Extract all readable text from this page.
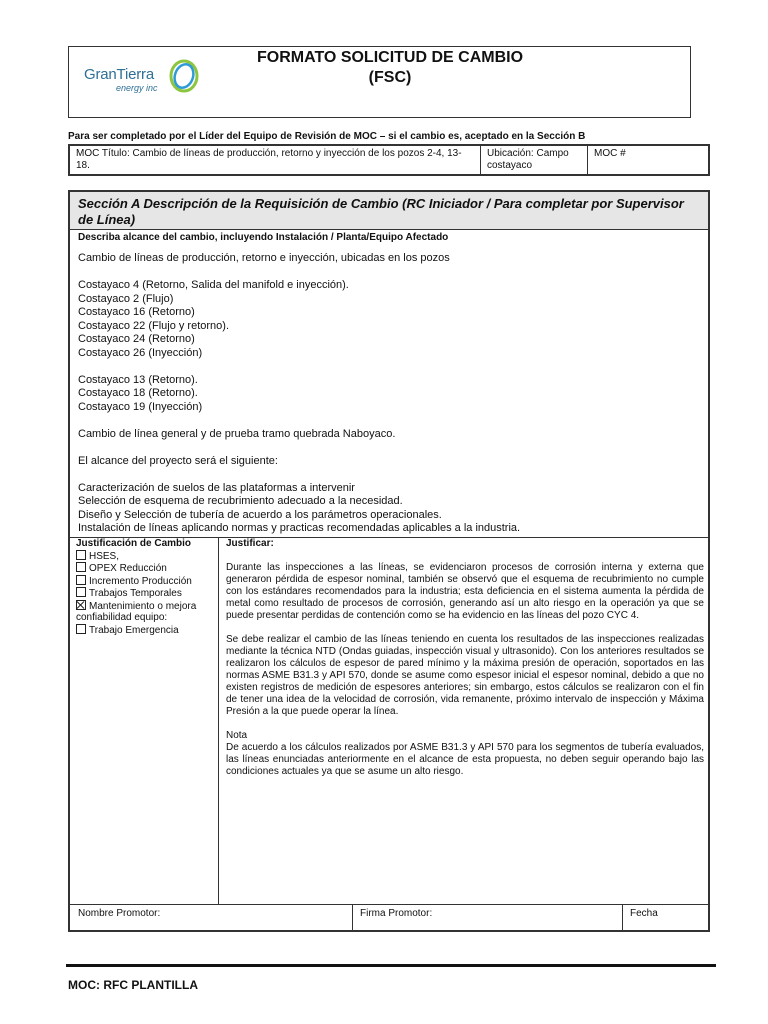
GranTierra
energy inc
FORMATO SOLICITUD DE CAMBIO
(FSC)
Para ser completado por el Líder del Equipo de Revisión de MOC – si el cambio es, aceptado en la Sección B
MOC Título: Cambio de líneas de producción, retorno y inyección de los pozos 2-4, 13-18.
Ubicación: Campo costayaco
MOC #
Sección A Descripción de la Requisición de Cambio (RC Iniciador / Para completar por Supervisor de Línea)
Describa alcance del cambio, incluyendo Instalación / Planta/Equipo Afectado

Cambio de líneas de producción, retorno e inyección, ubicadas en los pozos

Costayaco 4 (Retorno, Salida del manifold e inyección).

Costayaco 2 (Flujo)

Costayaco 16 (Retorno)

Costayaco 22 (Flujo y retorno).

Costayaco 24 (Retorno)

Costayaco 26 (Inyección)

Costayaco 13 (Retorno).

Costayaco 18 (Retorno).

Costayaco 19 (Inyección)

Cambio de línea general y de prueba tramo quebrada Naboyaco.

El alcance del proyecto será el siguiente:

Caracterización de suelos de las plataformas a intervenir

Selección de esquema de recubrimiento adecuado a la necesidad.

Diseño y Selección de tubería de acuerdo a los parámetros operacionales.

Instalación de líneas aplicando normas y practicas recomendadas aplicables a la industria.

Justificación de Cambio
HSES,
OPEX Reducción
Incremento Producción
Trabajos Temporales
Mantenimiento o mejora confiabilidad equipo:
Trabajo Emergencia
Justificar:

Durante las inspecciones a las líneas, se evidenciaron procesos de corrosión interna y externa que generaron pérdida de espesor nominal, también se observó que el esquema de recubrimiento no cumple con los estándares recomendados para la industria; esta deficiencia en el sistema aumenta la pérdida de metal como resultado de procesos de corrosión, generando así un alto riesgo en la operación ya que se puede presentar perdidas de contención como se ha evidencio en las líneas del pozo CYC 4.

Se debe realizar el cambio de las líneas teniendo en cuenta los resultados de las inspecciones realizadas mediante la técnica NTD (Ondas guiadas, inspección visual y ultrasonido). Con los anteriores resultados se realizaron los cálculos de espesor de pared mínimo y la máxima presión de operación, soportados en las normas ASME B31.3 y API 570, donde se asume como espesor inicial el espesor nominal, debido a que no existen registros de medición de espesores anteriores; sin embargo, estos cálculos se realizaron con el fin de tener una idea de la velocidad de corrosión, vida remanente, próximo intervalo de inspección y Máxima Presión a la que puede operar la línea.

Nota

De acuerdo a los cálculos realizados por ASME B31.3 y API 570 para los segmentos de tubería evaluados, las líneas enunciadas anteriormente en el alcance de esta propuesta, no deben seguir operando bajo las condiciones actuales ya que se asume un alto riesgo.

Nombre Promotor:	Firma Promotor:	Fecha
MOC: RFC PLANTILLA
